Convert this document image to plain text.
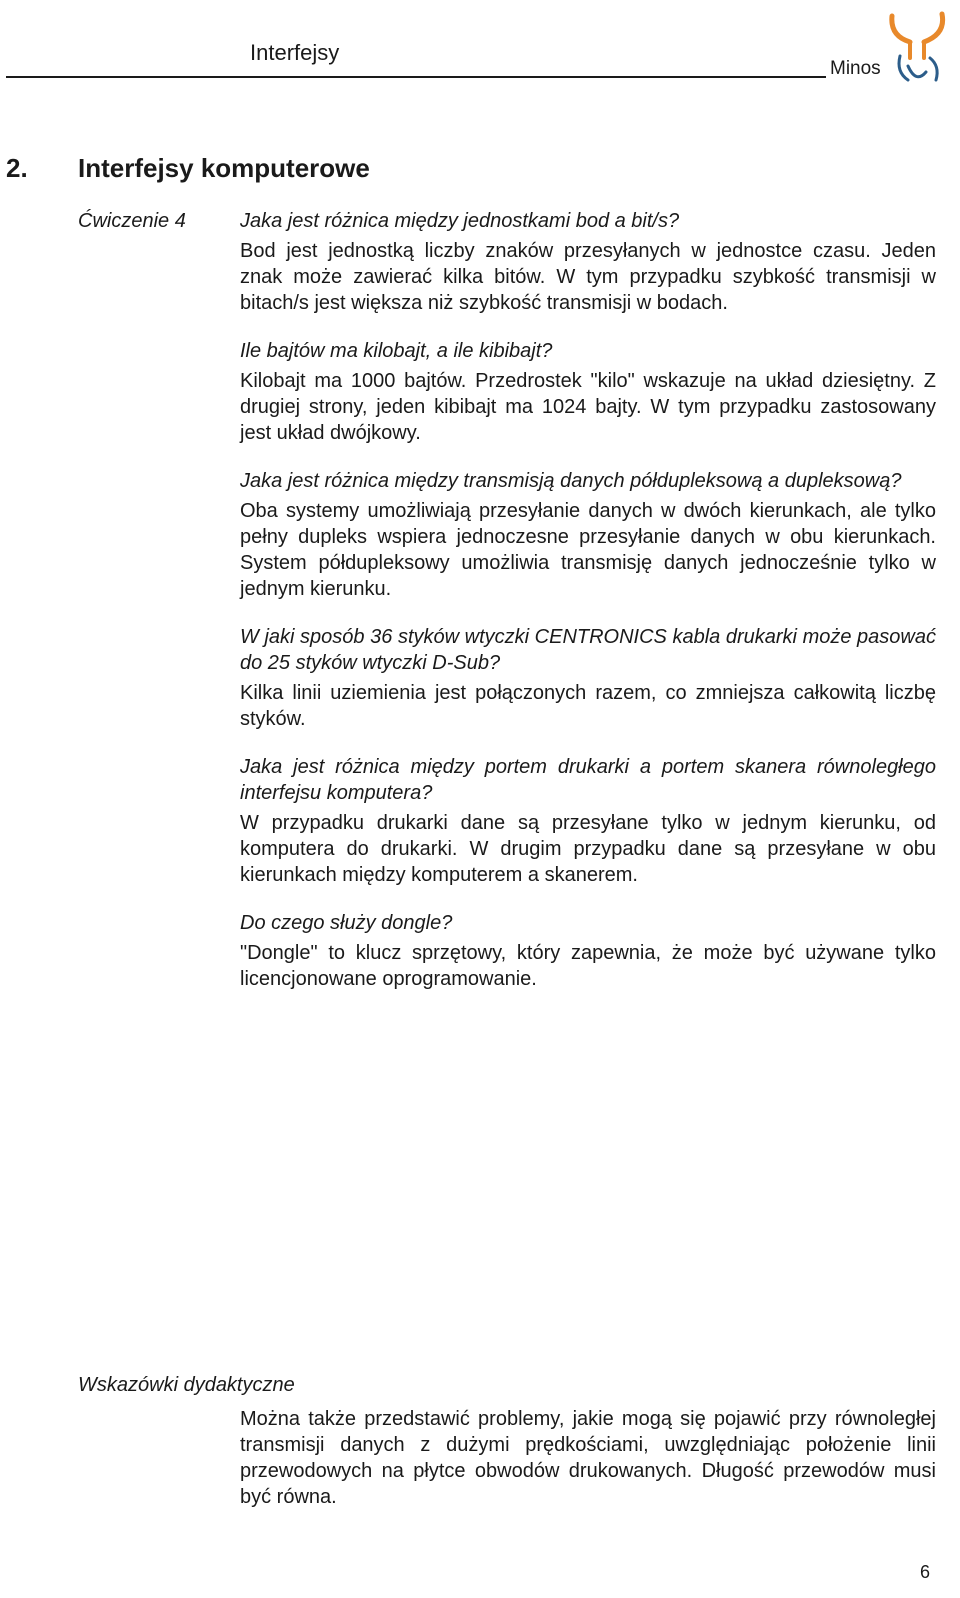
Interfejsy
Minos
2. Interfejsy komputerowe
Ćwiczenie 4	Jaka jest różnica między jednostkami bod a bit/s?
Bod jest jednostką liczby znaków przesyłanych w jednostce czasu. Jeden znak może zawierać kilka bitów. W tym przypadku szybkość transmisji w bitach/s jest większa niż szybkość transmisji w bodach.
Ile bajtów ma kilobajt, a ile kibibajt?
Kilobajt ma 1000 bajtów. Przedrostek "kilo" wskazuje na układ dziesiętny. Z drugiej strony, jeden kibibajt ma 1024 bajty. W tym przypadku zastosowany jest układ dwójkowy.
Jaka jest różnica między transmisją danych półdupleksową a dupleksową?
Oba systemy umożliwiają przesyłanie danych w dwóch kierunkach, ale tylko pełny dupleks wspiera jednoczesne przesyłanie danych w obu kierunkach. System półdupleksowy umożliwia transmisję danych jednocześnie tylko w jednym kierunku.
W jaki sposób 36 styków wtyczki CENTRONICS kabla drukarki może pasować do 25 styków wtyczki D-Sub?
Kilka linii uziemienia jest połączonych razem, co zmniejsza całkowitą liczbę styków.
Jaka jest różnica między portem drukarki a portem skanera równoległego interfejsu komputera?
W przypadku drukarki dane są przesyłane tylko w jednym kierunku, od komputera do drukarki. W drugim przypadku dane są przesyłane w obu kierunkach między komputerem a skanerem.
Do czego służy dongle?
"Dongle" to klucz sprzętowy, który zapewnia, że może być używane tylko licencjonowane oprogramowanie.
Wskazówki dydaktyczne
Można także przedstawić problemy, jakie mogą się pojawić przy równoległej transmisji danych z dużymi prędkościami, uwzględniając położenie linii przewodowych na płytce obwodów drukowanych. Długość przewodów musi być równa.
6
